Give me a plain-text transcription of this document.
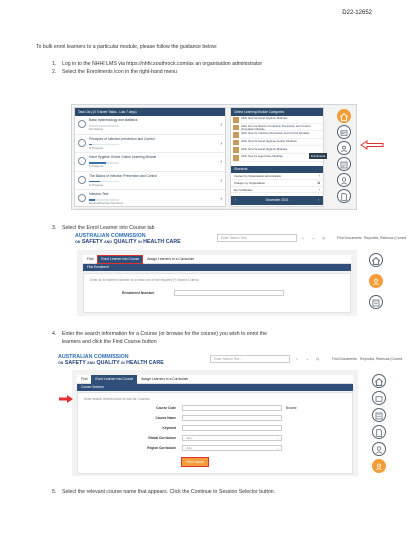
D22-12652
To bulk enrol learners to a particular module, please follow the guidance below:
1. Log in to the NHHI LMS via https://nhhi.southrock.com/as an organisation administrator
2. Select the Enrolments icon in the right-hand menu
Task List (10 Trainee Tasks - Last 7 days)
Basic epidemiology and statistics
Not Started
›
Principles of Infection prevention and Control
In Progress
›
Hand Hygiene Online Online Learning Module
In Progress
›
The Basics of Infection Prevention and Control
In Progress
›
Infection Test
Expired/Overdue Tomorrow
›
Online Learning Module Categories
Click here for Hand Hygiene Modules
Click here for Basics of Infection Prevention and Control Orientation Module
Click here for Infection Prevention and Control Modules
Click here for Hand Hygiene Auditor Modules
Click here for Hand Hygiene Modules
Click here for Aged Care Modules
Shortcuts
Content by Organisation Administrator	›
Change my Organisation	⧉
My Certificates	›
‹	December 2021	›
Enrolments
3. Select the Enrol Learner into Course tab
AUSTRALIAN COMMISSION
ON SAFETY AND QUALITY IN HEALTH CARE
Enter Search Text...	⌕ ⌄ ◷	Find Documents Reynolds, Rebecca (Commi
Find Enrol Learner into Course Assign Learners to a Curriculum
Find Enrolment
Enter an Enrolment Number or at least one of the required (*) Search Criteria
Enrolment Number
4. Enter the search information for a Course (or browse for the course) you wish to enrol the
learners and click the Find Course button
AUSTRALIAN COMMISSION
ON SAFETY AND QUALITY IN HEALTH CARE
Enter Search Text...	⌕ ⌄ ◷	Find Documents Reynolds, Rebecca (Commi
Find Enrol Learner into Course Assign Learners to a Curriculum
Course Selector
Enter search criteria below to look for Courses
Course Code	Browse
Course Name
Keyword
Global Curriculum	- Any -	⌄
Region Curriculum	- Any -	⌄
Find Course
5. Select the relevant course name that appears. Click the Continue to Session Selector button.
